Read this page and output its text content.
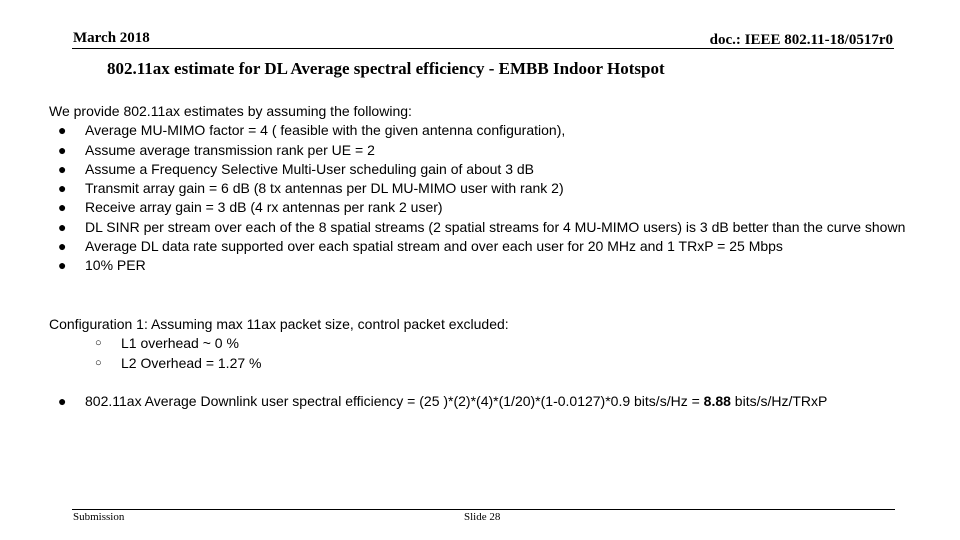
March 2018	doc.: IEEE 802.11-18/0517r0
802.11ax estimate for DL Average spectral efficiency - EMBB Indoor Hotspot
We provide 802.11ax estimates by assuming the following:
● Average MU-MIMO factor = 4 ( feasible with the given antenna configuration),
● Assume average transmission rank per UE = 2
● Assume a Frequency Selective Multi-User scheduling gain of about 3 dB
● Transmit array gain = 6 dB (8 tx antennas per DL MU-MIMO user with rank 2)
● Receive array gain = 3 dB (4 rx antennas per rank 2 user)
● DL SINR per stream over each of the 8 spatial streams (2 spatial streams for 4 MU-MIMO users) is 3 dB better than the curve shown
● Average DL data rate supported over each spatial stream and over each user for 20 MHz and 1 TRxP = 25 Mbps
● 10% PER
Configuration 1: Assuming max 11ax packet size, control packet excluded:
○ L1 overhead ~ 0 %
○ L2 Overhead = 1.27 %
● 802.11ax Average Downlink user spectral efficiency = (25 )*(2)*(4)*(1/20)*(1-0.0127)*0.9 bits/s/Hz = 8.88 bits/s/Hz/TRxP
Submission	Slide 28
